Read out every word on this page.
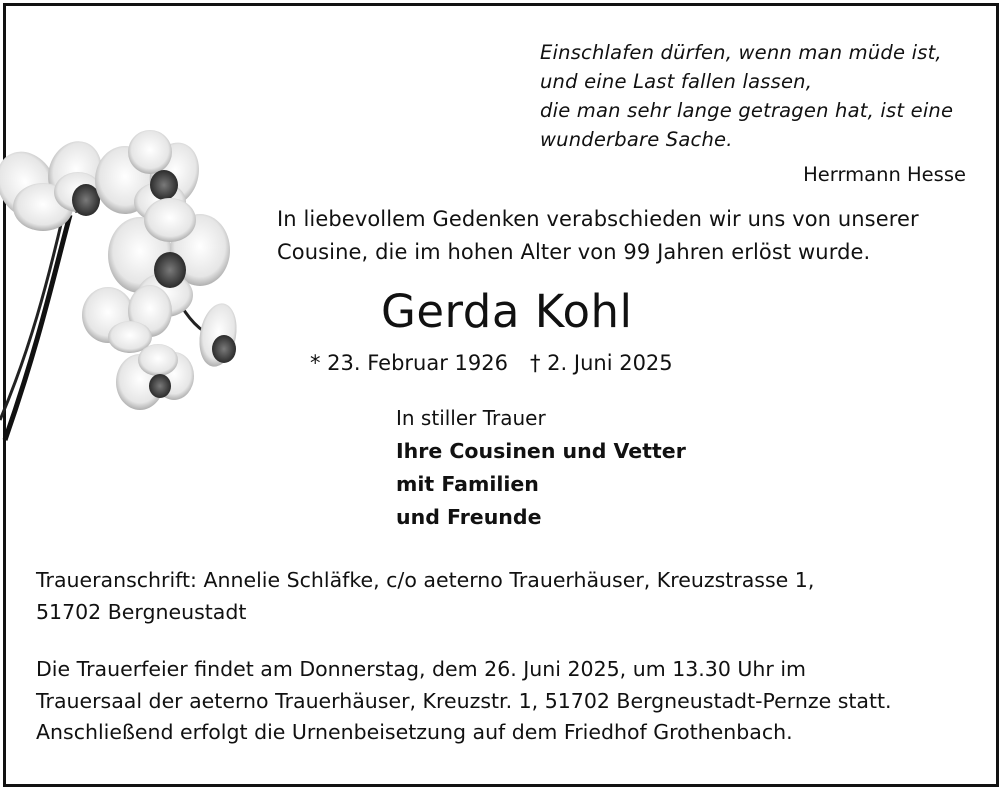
Einschlafen dürfen, wenn man müde ist,
und eine Last fallen lassen,
die man sehr lange getragen hat, ist eine
wunderbare Sache.
Herrmann Hesse
In liebevollem Gedenken verabschieden wir uns von unserer
Cousine, die im hohen Alter von 99 Jahren erlöst wurde.
Gerda Kohl
* 23. Februar 1926 † 2. Juni 2025
In stiller Trauer
Ihre Cousinen und Vetter
mit Familien
und Freunde
Traueranschrift: Annelie Schläfke, c/o aeterno Trauerhäuser, Kreuzstrasse 1,
51702 Bergneustadt
Die Trauerfeier findet am Donnerstag, dem 26. Juni 2025, um 13.30 Uhr im
Trauersaal der aeterno Trauerhäuser, Kreuzstr. 1, 51702 Bergneustadt-Pernze statt.
Anschließend erfolgt die Urnenbeisetzung auf dem Friedhof Grothenbach.
